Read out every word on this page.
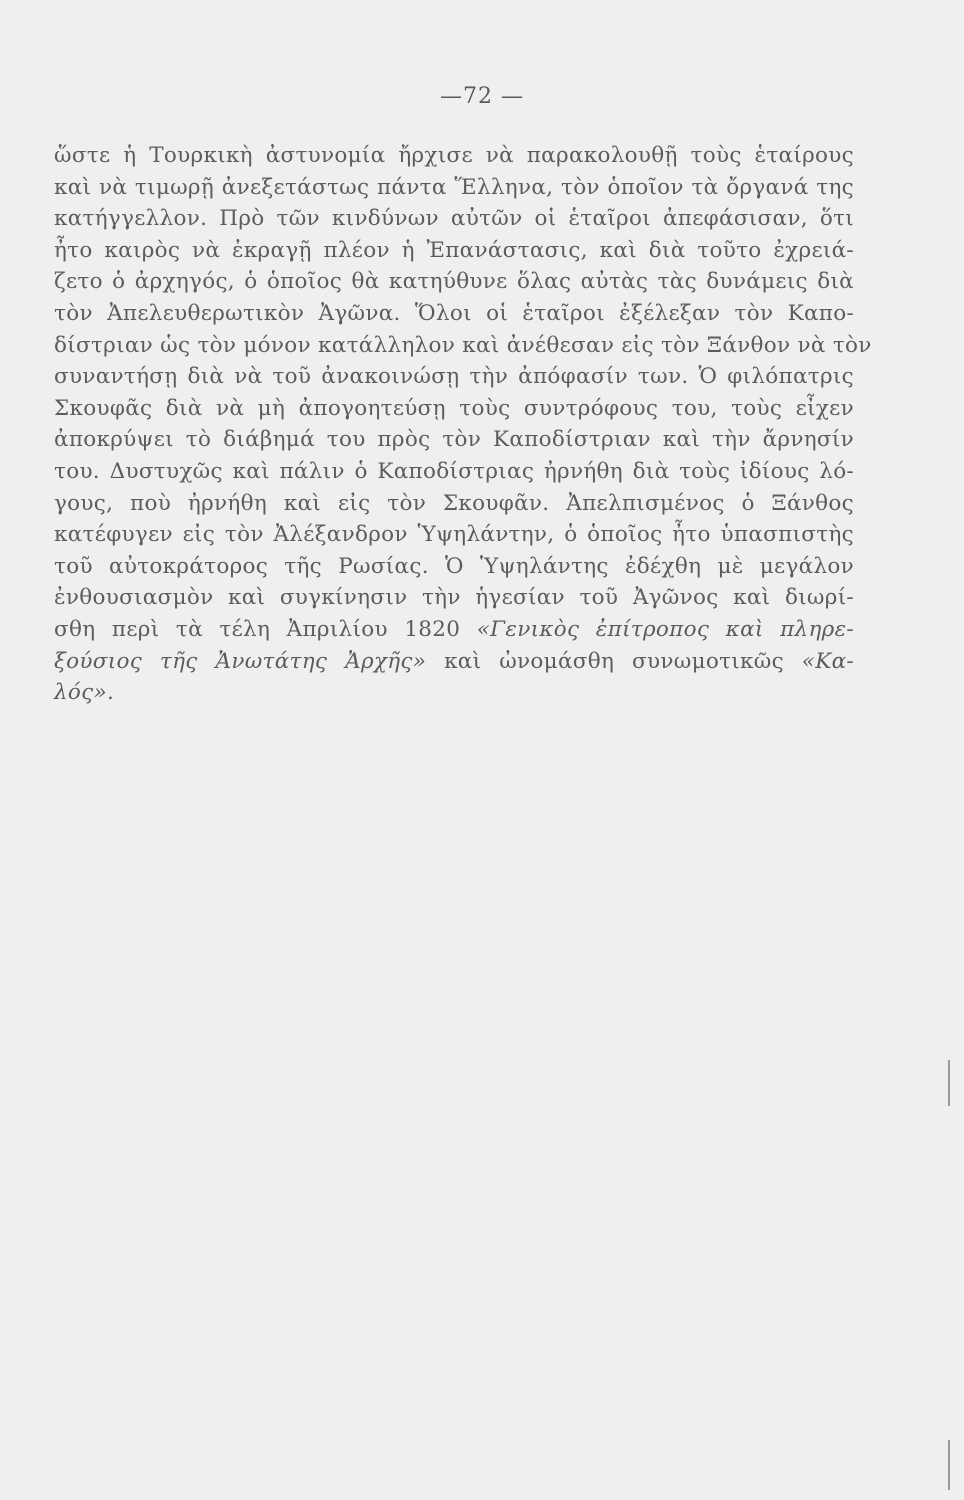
—72 —
ὥστε ἡ Τουρκικὴ ἀστυνομία ἤρχισε νὰ παρακολουθῇ τοὺς ἑταίρους
καὶ νὰ τιμωρῇ ἀνεξετάστως πάντα Ἕλληνα, τὸν ὁποῖον τὰ ὄργανά της
κατήγγελλον. Πρὸ τῶν κινδύνων αὐτῶν οἱ ἑταῖροι ἀπεφάσισαν, ὅτι
ἦτο καιρὸς νὰ ἐκραγῇ πλέον ἡ Ἐπανάστασις, καὶ διὰ τοῦτο ἐχρειά-
ζετο ὁ ἀρχηγός, ὁ ὁποῖος θὰ κατηύθυνε ὅλας αὐτὰς τὰς δυνάμεις διὰ
τὸν Ἀπελευθερωτικὸν Ἀγῶνα. Ὅλοι οἱ ἑταῖροι ἐξέλεξαν τὸν Καπο-
δίστριαν ὡς τὸν μόνον κατάλληλον καὶ ἀνέθεσαν εἰς τὸν Ξάνθον νὰ τὸν
συναντήσῃ διὰ νὰ τοῦ ἀνακοινώσῃ τὴν ἀπόφασίν των. Ὁ φιλόπατρις
Σκουφᾶς διὰ νὰ μὴ ἀπογοητεύσῃ τοὺς συντρόφους του, τοὺς εἶχεν
ἀποκρύψει τὸ διάβημά του πρὸς τὸν Καποδίστριαν καὶ τὴν ἄρνησίν
του. Δυστυχῶς καὶ πάλιν ὁ Καποδίστριας ἠρνήθη διὰ τοὺς ἰδίους λό-
γους, ποὺ ἠρνήθη καὶ εἰς τὸν Σκουφᾶν. Ἀπελπισμένος ὁ Ξάνθος
κατέφυγεν εἰς τὸν Ἀλέξανδρον Ὑψηλάντην, ὁ ὁποῖος ἦτο ὑπασπιστὴς
τοῦ αὐτοκράτορος τῆς Ρωσίας. Ὁ Ὑψηλάντης ἐδέχθη μὲ μεγάλον
ἐνθουσιασμὸν καὶ συγκίνησιν τὴν ἡγεσίαν τοῦ Ἀγῶνος καὶ διωρί-
σθη περὶ τὰ τέλη Ἀπριλίου 1820 «Γενικὸς ἐπίτροπος καὶ πληρε-
ξούσιος τῆς Ἀνωτάτης Ἀρχῆς» καὶ ὠνομάσθη συνωμοτικῶς «Κα-
λός».
